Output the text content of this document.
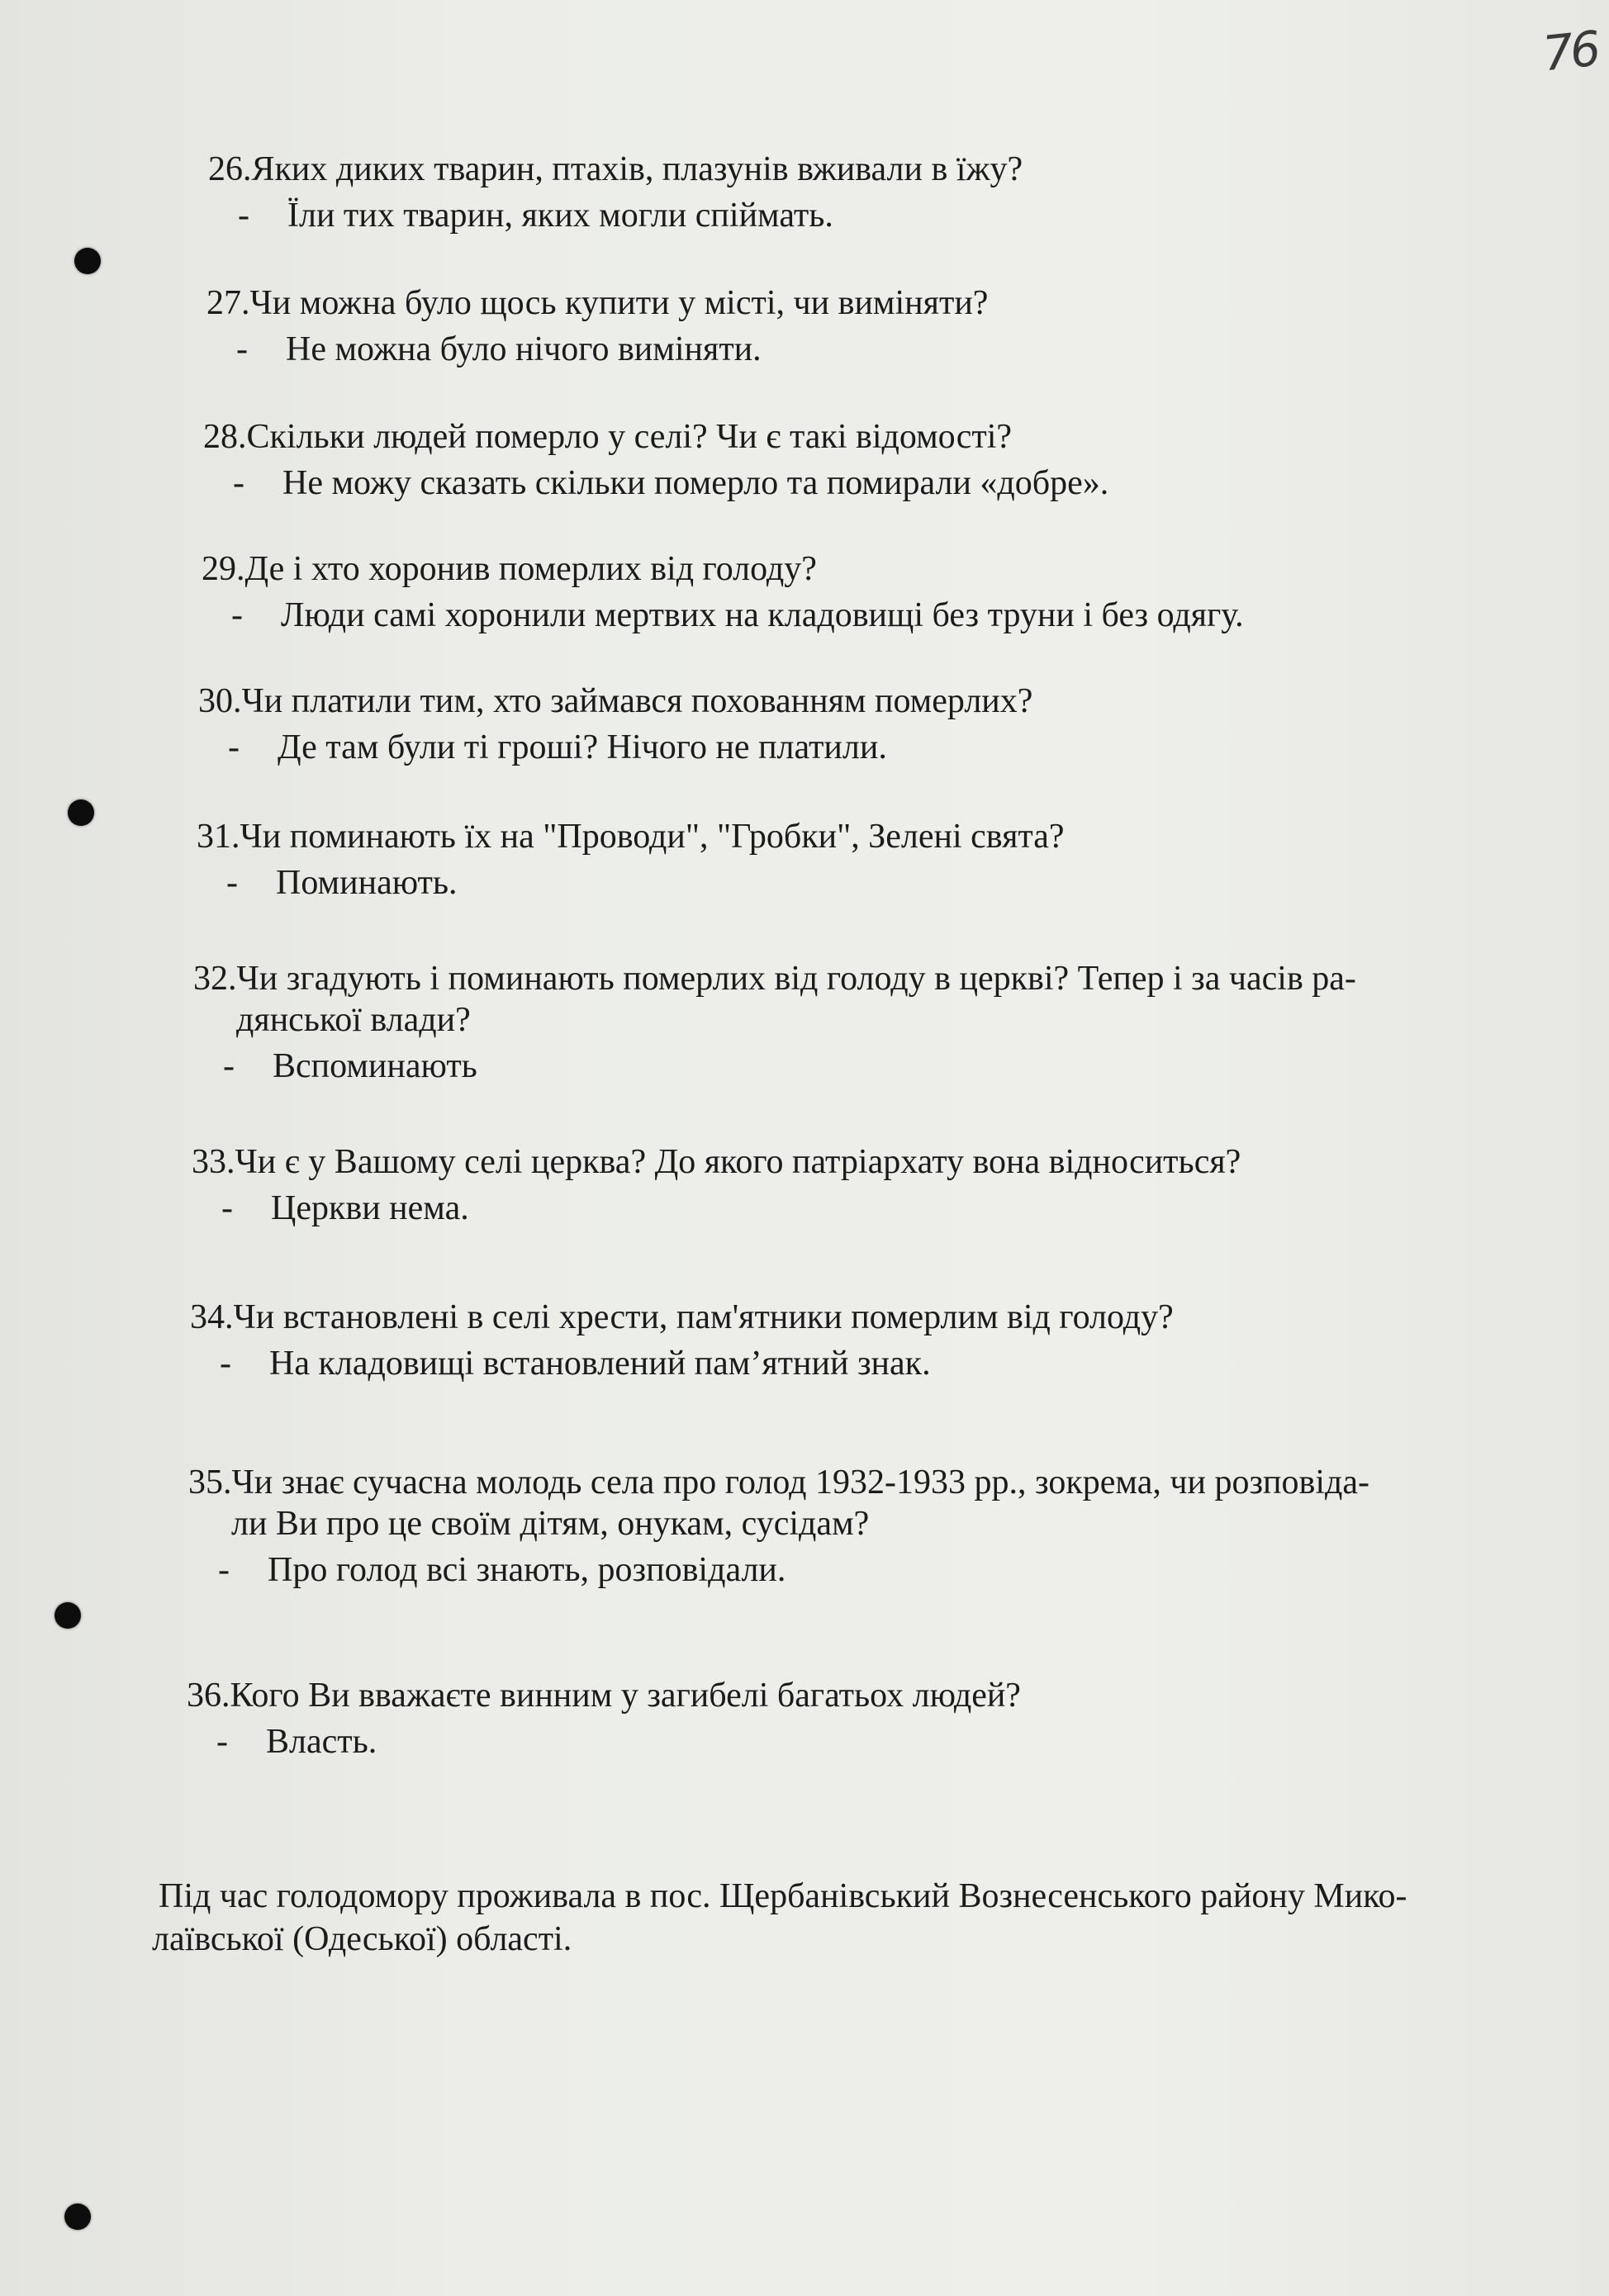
76
26.Яких диких тварин, птахів, плазунів вживали в їжу?
- Їли тих тварин, яких могли спіймать.
27.Чи можна було щось купити у місті, чи виміняти?
- Не можна було нічого виміняти.
28.Скільки людей померло у селі? Чи є такі відомості?
- Не можу сказать скільки померло та помирали «добре».
29.Де і хто хоронив померлих від голоду?
- Люди самі хоронили мертвих на кладовищі без труни і без одягу.
30.Чи платили тим, хто займався похованням померлих?
- Де там були ті гроші? Нічого не платили.
31.Чи поминають їх на "Проводи", "Гробки", Зелені свята?
- Поминають.
32.Чи згадують і поминають померлих від голоду в церкві? Тепер і за часів ра-
дянської влади?
- Вспоминають
33.Чи є у Вашому селі церква? До якого патріархату вона відноситься?
- Церкви нема.
34.Чи встановлені в селі хрести, пам'ятники померлим від голоду?
- На кладовищі встановлений пам’ятний знак.
35.Чи знає сучасна молодь села про голод 1932-1933 рр., зокрема, чи розповіда-
ли Ви про це своїм дітям, онукам, сусідам?
- Про голод всі знають, розповідали.
36.Кого Ви вважаєте винним у загибелі багатьох людей?
- Власть.
Під час голодомору проживала в пос. Щербанівський Вознесенського району Мико-
лаївської (Одеської) області.
